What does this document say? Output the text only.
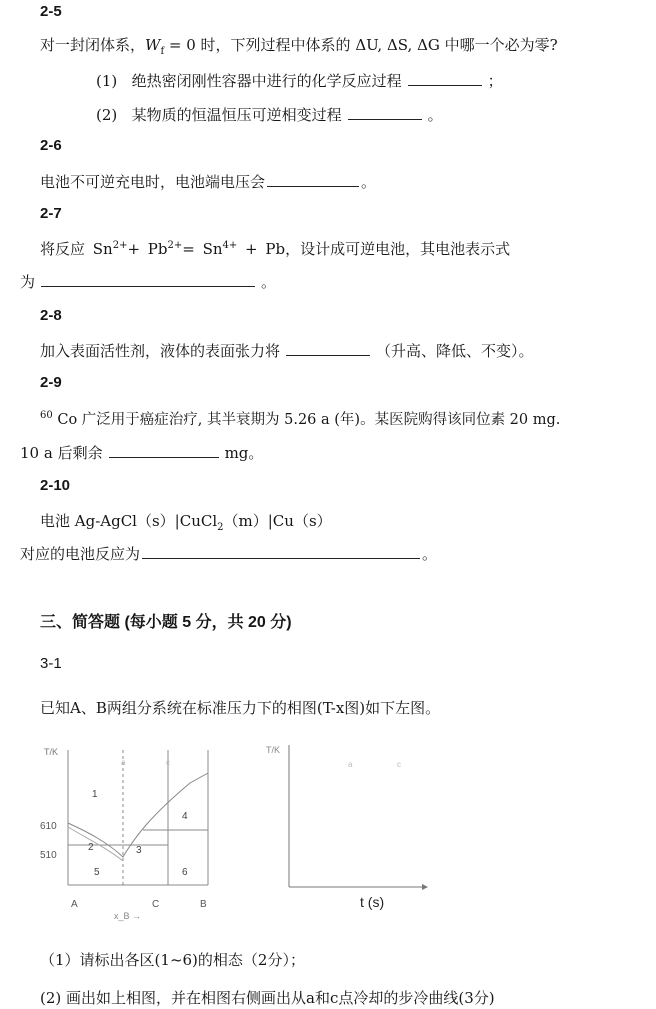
2-5
对一封闭体系，$W_f = 0$ 时，下列过程中体系的 ΔU, ΔS, ΔG 中哪一个必为零?
(1) 绝热密闭刚性容器中进行的化学反应过程	；
(2) 某物质的恒温恒压可逆相变过程	。
2-6
电池不可逆充电时，电池端电压会	。
2-7
将反应 $Sn^{2+}+ Pb^{2+}= Sn^{4+} + Pb$，设计成可逆电池，其电池表示式
为	。
2-8
加入表面活性剂，液体的表面张力将	（升高、降低、不变）。
2-9
$^{60}$ Co 广泛用于癌症治疗, 其半衰期为 5.26 a (年)。某医院购得该同位素 20 mg.
10 a 后剩余	mg。
2-10
电池 Ag-AgCl（s）|CuCl$_2$（m）|Cu（s）
对应的电池反应为	。
三、简答题 (每小题 5 分，共 20 分)
3-1
已知A、B两组分系统在标准压力下的相图(T-x图)如下左图。
T/K
610
510
1
2	3
4
5	6
a	c
A	C	B
x_B →
T/K
a	c
t (s)
（1）请标出各区(1~6)的相态（2分）；
(2) 画出如上相图，并在相图右侧画出从a和c点冷却的步冷曲线(3分)
